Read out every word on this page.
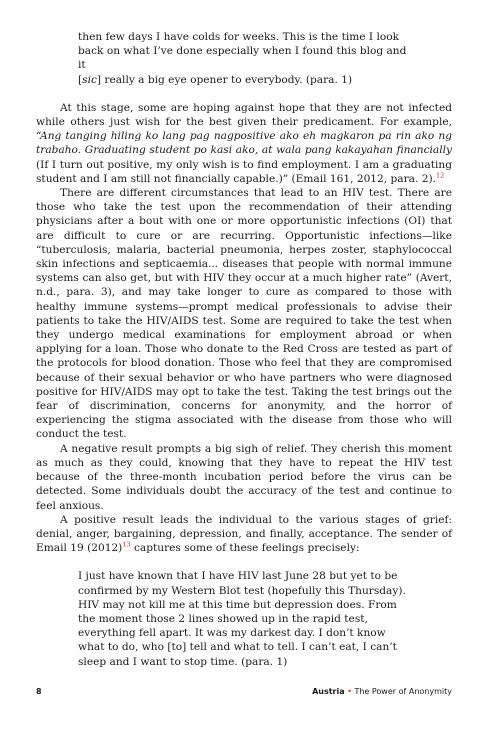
then few days I have colds for weeks. This is the time I look
back on what I’ve done especially when I found this blog and it
[sic] really a big eye opener to everybody. (para. 1)

At this stage, some are hoping against hope that they are not infected while others just wish for the best given their predicament. For example, “Ang tanging hiling ko lang pag nagpositive ako eh magkaron pa rin ako ng trabaho. Graduating student po kasi ako, at wala pang kakayahan financially (If I turn out positive, my only wish is to find employment. I am a graduating student and I am still not financially capable.)” (Email 161, 2012, para. 2).$^{12}$

There are different circumstances that lead to an HIV test. There are those who take the test upon the recommendation of their attending physicians after a bout with one or more opportunistic infections (OI) that are difficult to cure or are recurring. Opportunistic infections—like “tuberculosis, malaria, bacterial pneumonia, herpes zoster, staphylococcal skin infections and septicaemia... diseases that people with normal immune systems can also get, but with HIV they occur at a much higher rate” (Avert, n.d., para. 3), and may take longer to cure as compared to those with healthy immune systems—prompt medical professionals to advise their patients to take the HIV/AIDS test. Some are required to take the test when they undergo medical examinations for employment abroad or when applying for a loan. Those who donate to the Red Cross are tested as part of the protocols for blood donation. Those who feel that they are compromised because of their sexual behavior or who have partners who were diagnosed positive for HIV/AIDS may opt to take the test. Taking the test brings out the fear of discrimination, concerns for anonymity, and the horror of experiencing the stigma associated with the disease from those who will conduct the test.

A negative result prompts a big sigh of relief. They cherish this moment as much as they could, knowing that they have to repeat the HIV test because of the three-month incubation period before the virus can be detected. Some individuals doubt the accuracy of the test and continue to feel anxious.

A positive result leads the individual to the various stages of grief: denial, anger, bargaining, depression, and finally, acceptance. The sender of Email 19 $(2012)^{13}$ captures some of these feelings precisely:

I just have known that I have HIV last June 28 but yet to be confirmed by my Western Blot test (hopefully this Thursday). HIV may not kill me at this time but depression does. From the moment those 2 lines showed up in the rapid test, everything fell apart. It was my darkest day. I don’t know what to do, who [to] tell and what to tell. I can’t eat, I can’t sleep and I want to stop time. (para. 1)

8	Austria • The Power of Anonymity
